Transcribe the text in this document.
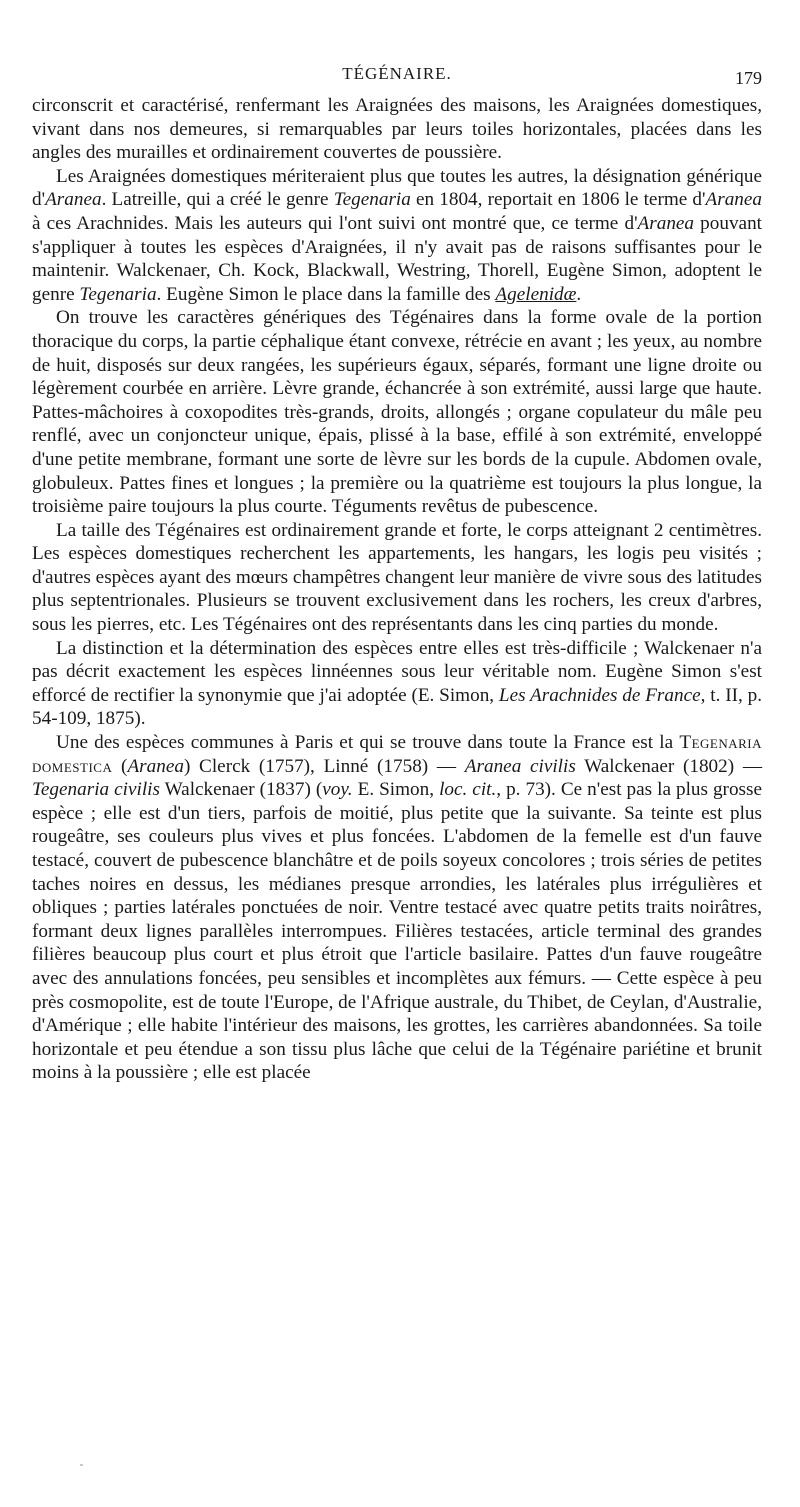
TÉGÉNAIRE.	179

circonscrit et caractérisé, renfermant les Araignées des maisons, les Araignées domestiques, vivant dans nos demeures, si remarquables par leurs toiles horizontales, placées dans les angles des murailles et ordinairement couvertes de poussière.

Les Araignées domestiques mériteraient plus que toutes les autres, la désignation générique d'Aranea. Latreille, qui a créé le genre Tegenaria en 1804, reportait en 1806 le terme d'Aranea à ces Arachnides. Mais les auteurs qui l'ont suivi ont montré que, ce terme d'Aranea pouvant s'appliquer à toutes les espèces d'Araignées, il n'y avait pas de raisons suffisantes pour le maintenir. Walckenaer, Ch. Kock, Blackwall, Westring, Thorell, Eugène Simon, adoptent le genre Tegenaria. Eugène Simon le place dans la famille des Agelenidæ.

On trouve les caractères génériques des Tégénaires dans la forme ovale de la portion thoracique du corps, la partie céphalique étant convexe, rétrécie en avant ; les yeux, au nombre de huit, disposés sur deux rangées, les supérieurs égaux, séparés, formant une ligne droite ou légèrement courbée en arrière. Lèvre grande, échancrée à son extrémité, aussi large que haute. Pattes-mâchoires à coxopodites très-grands, droits, allongés ; organe copulateur du mâle peu renflé, avec un conjoncteur unique, épais, plissé à la base, effilé à son extrémité, enveloppé d'une petite membrane, formant une sorte de lèvre sur les bords de la cupule. Abdomen ovale, globuleux. Pattes fines et longues ; la première ou la quatrième est toujours la plus longue, la troisième paire toujours la plus courte. Téguments revêtus de pubescence.

La taille des Tégénaires est ordinairement grande et forte, le corps atteignant 2 centimètres. Les espèces domestiques recherchent les appartements, les hangars, les logis peu visités ; d'autres espèces ayant des mœurs champêtres changent leur manière de vivre sous des latitudes plus septentrionales. Plusieurs se trouvent exclusivement dans les rochers, les creux d'arbres, sous les pierres, etc. Les Tégénaires ont des représentants dans les cinq parties du monde.

La distinction et la détermination des espèces entre elles est très-difficile ; Walckenaer n'a pas décrit exactement les espèces linnéennes sous leur véritable nom. Eugène Simon s'est efforcé de rectifier la synonymie que j'ai adoptée (E. Simon, Les Arachnides de France, t. II, p. 54-109, 1875).

Une des espèces communes à Paris et qui se trouve dans toute la France est la Tegenaria domestica (Aranea) Clerck (1757), Linné (1758) — Aranea civilis Walckenaer (1802) — Tegenaria civilis Walckenaer (1837) (voy. E. Simon, loc. cit., p. 73). Ce n'est pas la plus grosse espèce ; elle est d'un tiers, parfois de moitié, plus petite que la suivante. Sa teinte est plus rougeâtre, ses couleurs plus vives et plus foncées. L'abdomen de la femelle est d'un fauve testacé, couvert de pubescence blanchâtre et de poils soyeux concolores ; trois séries de petites taches noires en dessus, les médianes presque arrondies, les latérales plus irrégulières et obliques ; parties latérales ponctuées de noir. Ventre testacé avec quatre petits traits noirâtres, formant deux lignes parallèles interrompues. Filières testacées, article terminal des grandes filières beaucoup plus court et plus étroit que l'article basilaire. Pattes d'un fauve rougeâtre avec des annulations foncées, peu sensibles et incomplètes aux fémurs. — Cette espèce à peu près cosmopolite, est de toute l'Europe, de l'Afrique australe, du Thibet, de Ceylan, d'Australie, d'Amérique ; elle habite l'intérieur des maisons, les grottes, les carrières abandonnées. Sa toile horizontale et peu étendue a son tissu plus lâche que celui de la Tégénaire pariétine et brunit moins à la poussière ; elle est placée
